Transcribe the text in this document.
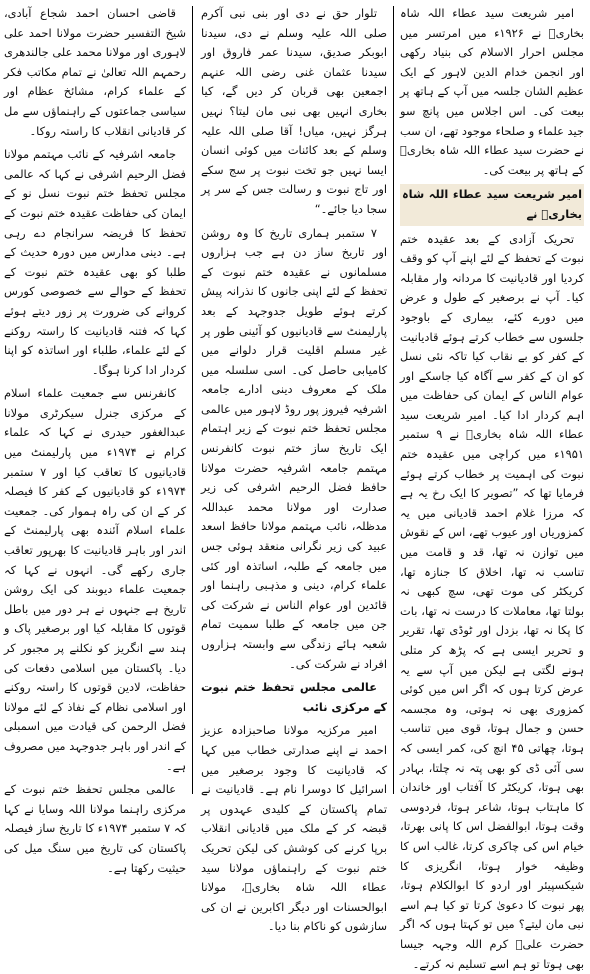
امیر شریعت سید عطاء اللہ شاہ بخاریؒ نے ۱۹۲۶ء میں امرتسر میں مجلس احرار الاسلام کی بنیاد رکھی اور انجمن خدام الدین لاہور کے ایک عظیم الشان جلسہ میں آپ کے ہاتھ پر بیعت کی۔ اس اجلاس میں پانچ سو جید علماء و صلحاء موجود تھے، ان سب نے حضرت سید عطاء اللہ شاہ بخاریؒ کے ہاتھ پر بیعت کی۔

امیر شریعت سید عطاء اللہ شاہ بخاریؒ نے

تحریک آزادی کے بعد عقیدہ ختم نبوت کے تحفظ کے لئے اپنے آپ کو وقف کردیا اور قادیانیت کا مردانہ وار مقابلہ کیا۔ آپ نے برصغیر کے طول و عرض میں دورے کئے، بیماری کے باوجود جلسوں سے خطاب کرتے ہوئے قادیانیت کے کفر کو بے نقاب کیا تاکہ نئی نسل کو ان کے کفر سے آگاہ کیا جاسکے اور عوام الناس کے ایمان کی حفاظت میں اہم کردار ادا کیا۔ امیر شریعت سید عطاء اللہ شاہ بخاریؒ نے ۹ ستمبر ۱۹۵۱ء میں کراچی میں عقیدہ ختم نبوت کی اہمیت پر خطاب کرتے ہوئے فرمایا تھا کہ ”تصویر کا ایک رخ یہ ہے کہ مرزا غلام احمد قادیانی میں یہ کمزوریاں اور عیوب تھے، اس کے نقوش میں توازن نہ تھا، قد و قامت میں تناسب نہ تھا، اخلاق کا جنازہ تھا، کریکٹر کی موت تھی، سچ کبھی نہ بولتا تھا، معاملات کا درست نہ تھا، بات کا پکا نہ تھا، بزدل اور ٹوڈی تھا، تقریر و تحریر ایسی ہے کہ پڑھ کر متلی ہونے لگتی ہے لیکن میں آپ سے یہ عرض کرتا ہوں کہ اگر اس میں کوئی کمزوری بھی نہ ہوتی، وہ مجسمہ حسن و جمال ہوتا، قوی میں تناسب ہوتا، چھاتی ۴۵ انچ کی، کمر ایسی کہ سی آئی ڈی کو بھی پتہ نہ چلتا، بہادر بھی ہوتا، کریکٹر کا آفتاب اور خاندان کا ماہتاب ہوتا، شاعر ہوتا، فردوسی وقت ہوتا، ابوالفضل اس کا پانی بھرتا، خیام اس کی چاکری کرتا، غالب اس کا وظیفہ خوار ہوتا، انگریزی کا شیکسپیئر اور اردو کا ابوالکلام ہوتا، پھر نبوت کا دعویٰ کرتا تو کیا ہم اسے نبی مان لیتے؟ میں تو کہتا ہوں کہ اگر حضرت علیؓ کرم اللہ وجہہ جیسا بھی ہوتا تو ہم اسے تسلیم نہ کرتے۔

تلوار حق نے دی اور بنی نبی آکرم صلی اللہ علیہ وسلم نے دی، سیدنا ابوبکر صدیق، سیدنا عمر فاروق اور سیدنا عثمان غنی رضی اللہ عنہم اجمعین بھی قربان کر دیں گے، کیا بخاری انہیں بھی نبی مان لیتا؟ نہیں ہرگز نہیں، میاں! آقا صلی اللہ علیہ وسلم کے بعد کائنات میں کوئی انسان ایسا نہیں جو تخت نبوت پر سج سکے اور تاج نبوت و رسالت جس کے سر پر سجا دیا جائے۔“

۷ ستمبر ہماری تاریخ کا وہ روشن اور تاریخ ساز دن ہے جب ہزاروں مسلمانوں نے عقیدہ ختم نبوت کے تحفظ کے لئے اپنی جانوں کا نذرانہ پیش کرتے ہوئے طویل جدوجہد کے بعد پارلیمنٹ سے قادیانیوں کو آئینی طور پر غیر مسلم اقلیت قرار دلوانے میں کامیابی حاصل کی۔ اسی سلسلہ میں ملک کے معروف دینی ادارے جامعہ اشرفیہ فیروز پور روڈ لاہور میں عالمی مجلس تحفظ ختم نبوت کے زیر اہتمام ایک تاریخ ساز ختم نبوت کانفرنس مہتمم جامعہ اشرفیہ حضرت مولانا حافظ فضل الرحیم اشرفی کی زیر صدارت اور مولانا محمد عبداللہ مدظلہ، نائب مہتمم مولانا حافظ اسعد عبید کی زیر نگرانی منعقد ہوئی جس میں جامعہ کے طلبہ، اساتذہ اور کئی علماء کرام، دینی و مذہبی راہنما اور قائدین اور عوام الناس نے شرکت کی جن میں جامعہ کے طلبا سمیت تمام شعبہ ہائے زندگی سے وابستہ ہزاروں افراد نے شرکت کی۔

عالمی مجلس تحفظ ختم نبوت کے مرکزی نائب

امیر مرکزیہ مولانا صاحبزادہ عزیز احمد نے اپنے صدارتی خطاب میں کہا کہ قادیانیت کا وجود برصغیر میں اسرائیل کا دوسرا نام ہے۔ قادیانیت نے تمام پاکستان کے کلیدی عہدوں پر قبضہ کر کے ملک میں قادیانی انقلاب برپا کرنے کی کوشش کی لیکن تحریک ختم نبوت کے راہنماؤں مولانا سید عطاء اللہ شاہ بخاریؒ، مولانا ابوالحسنات اور دیگر اکابرین نے ان کی سازشوں کو ناکام بنا دیا۔

قاضی احسان احمد شجاع آبادی، شیخ التفسیر حضرت مولانا احمد علی لاہوری اور مولانا محمد علی جالندھری رحمہم اللہ تعالیٰ نے تمام مکاتب فکر کے علماء کرام، مشائخ عظام اور سیاسی جماعتوں کے راہنماؤں سے مل کر قادیانی انقلاب کا راستہ روکا۔

جامعہ اشرفیہ کے نائب مہتمم مولانا فضل الرحیم اشرفی نے کہا کہ عالمی مجلس تحفظ ختم نبوت نسل نو کے ایمان کی حفاظت عقیدہ ختم نبوت کے تحفظ کا فریضہ سرانجام دے رہی ہے۔ دینی مدارس میں دورہ حدیث کے طلبا کو بھی عقیدہ ختم نبوت کے تحفظ کے حوالے سے خصوصی کورس کروانے کی ضرورت پر زور دیتے ہوئے کہا کہ فتنہ قادیانیت کا راستہ روکنے کے لئے علماء، طلباء اور اساتذہ کو اپنا کردار ادا کرنا ہوگا۔

کانفرنس سے جمعیت علماء اسلام کے مرکزی جنرل سیکرٹری مولانا عبدالغفور حیدری نے کہا کہ علماء کرام نے ۱۹۷۴ء میں پارلیمنٹ میں قادیانیوں کا تعاقب کیا اور ۷ ستمبر ۱۹۷۴ء کو قادیانیوں کے کفر کا فیصلہ کر کے ان کی راہ ہموار کی۔ جمعیت علماء اسلام آئندہ بھی پارلیمنٹ کے اندر اور باہر قادیانیت کا بھرپور تعاقب جاری رکھے گی۔ انہوں نے کہا کہ جمعیت علماء دیوبند کی ایک روشن تاریخ ہے جنہوں نے ہر دور میں باطل قوتوں کا مقابلہ کیا اور برصغیر پاک و ہند سے انگریز کو نکلنے پر مجبور کر دیا۔ پاکستان میں اسلامی دفعات کی حفاظت، لادین قوتوں کا راستہ روکنے اور اسلامی نظام کے نفاذ کے لئے مولانا فضل الرحمن کی قیادت میں اسمبلی کے اندر اور باہر جدوجہد میں مصروف ہے۔

عالمی مجلس تحفظ ختم نبوت کے مرکزی راہنما مولانا اللہ وسایا نے کہا کہ ۷ ستمبر ۱۹۷۴ء کا تاریخ ساز فیصلہ پاکستان کی تاریخ میں سنگ میل کی حیثیت رکھتا ہے۔
